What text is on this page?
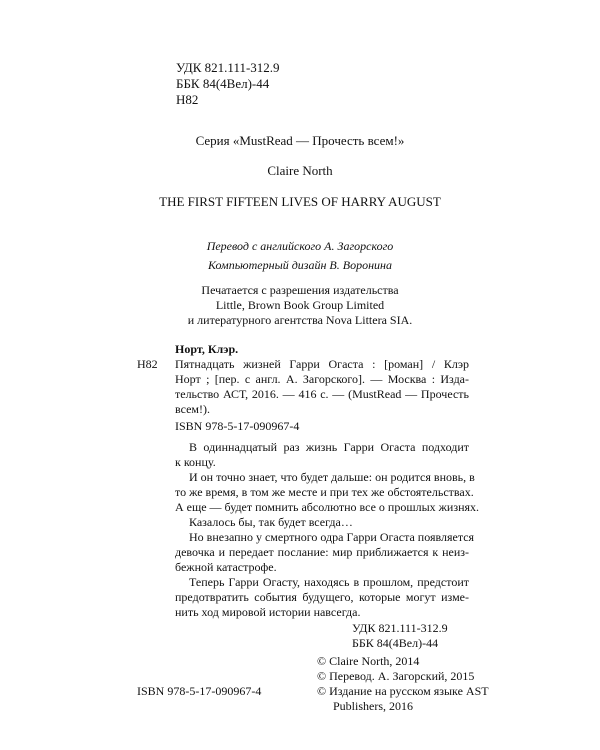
УДК 821.111-312.9
ББК 84(4Вел)-44
Н82
Серия «MustRead — Прочесть всем!»
Claire North
THE FIRST FIFTEEN LIVES OF HARRY AUGUST
Перевод с английского А. Загорского
Компьютерный дизайн В. Воронина
Печатается с разрешения издательства
Little, Brown Book Group Limited
и литературного агентства Nova Littera SIA.
Норт, Клэр.
Н82 Пятнадцать жизней Гарри Огаста : [роман] / Клэр
Норт ; [пер. с англ. А. Загорского]. — Москва : Изда-
тельство АСТ, 2016. — 416 с. — (MustRead — Прочесть
всем!).
ISBN 978-5-17-090967-4
В одиннадцатый раз жизнь Гарри Огаста подходит
к концу.
И он точно знает, что будет дальше: он родится вновь, в
то же время, в том же месте и при тех же обстоятельствах.
А еще — будет помнить абсолютно все о прошлых жизнях.
Казалось бы, так будет всегда…
Но внезапно у смертного одра Гарри Огаста появляется
девочка и передает послание: мир приближается к неиз-
бежной катастрофе.
Теперь Гарри Огасту, находясь в прошлом, предстоит
предотвратить события будущего, которые могут изме-
нить ход мировой истории навсегда.
УДК 821.111-312.9
ББК 84(4Вел)-44
© Claire North, 2014
© Перевод. А. Загорский, 2015
© Издание на русском языке AST
Publishers, 2016
ISBN 978-5-17-090967-4
